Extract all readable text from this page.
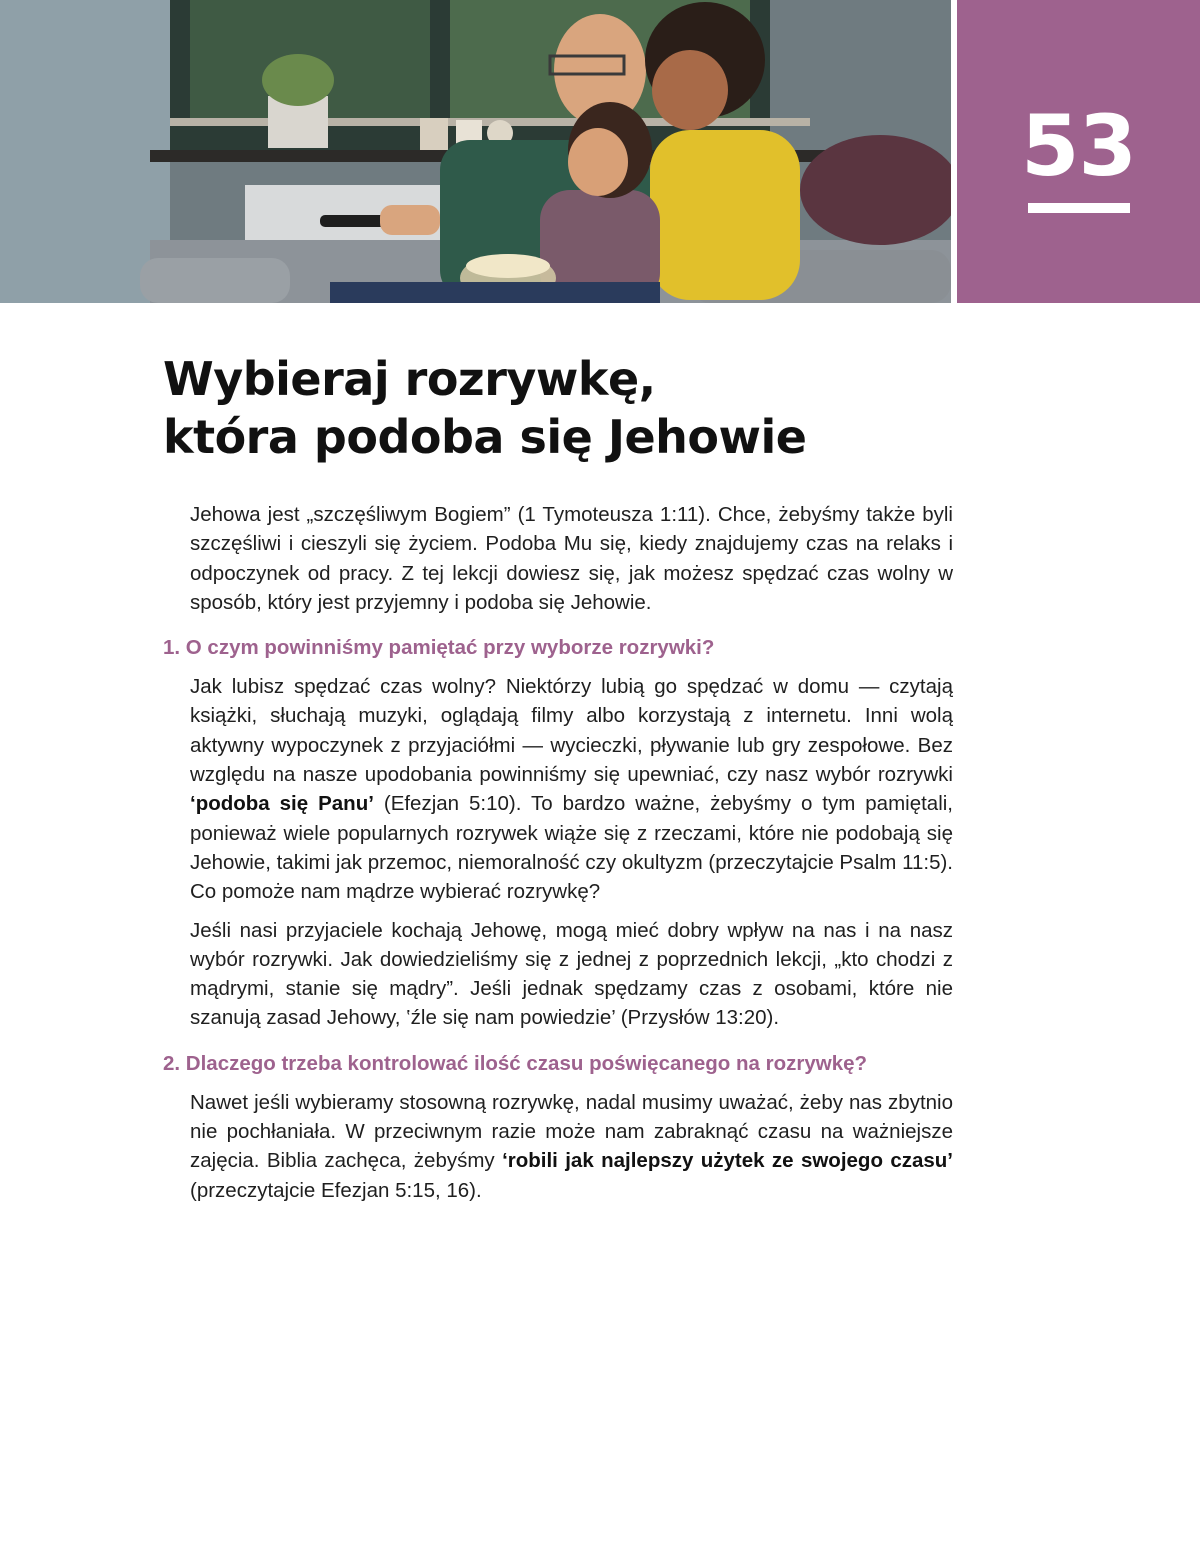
53
Wybieraj rozrywkę,
która podoba się Jehowie

Jehowa jest „szczęśliwym Bogiem” (1 Tymoteusza 1:11). Chce, żebyśmy także byli szczęśliwi i cieszyli się życiem. Podoba Mu się, kiedy znajdujemy czas na relaks i odpoczynek od pracy. Z tej lekcji dowiesz się, jak możesz spędzać czas wolny w sposób, który jest przyjemny i podoba się Jehowie.

1. O czym powinniśmy pamiętać przy wyborze rozrywki?

Jak lubisz spędzać czas wolny? Niektórzy lubią go spędzać w domu — czytają książki, słuchają muzyki, oglądają filmy albo korzystają z internetu. Inni wolą aktywny wypoczynek z przyjaciółmi — wycieczki, pływanie lub gry zespołowe. Bez względu na nasze upodobania powinniśmy się upewniać, czy nasz wybór rozrywki ‘podoba się Panu’ (Efezjan 5:10). To bardzo ważne, żebyśmy o tym pamiętali, ponieważ wiele popularnych rozrywek wiąże się z rzeczami, które nie podobają się Jehowie, takimi jak przemoc, niemoralność czy okultyzm (przeczytajcie Psalm 11:5). Co pomoże nam mądrze wybierać rozrywkę?

Jeśli nasi przyjaciele kochają Jehowę, mogą mieć dobry wpływ na nas i na nasz wybór rozrywki. Jak dowiedzieliśmy się z jednej z poprzednich lekcji, „kto chodzi z mądrymi, stanie się mądry”. Jeśli jednak spędzamy czas z osobami, które nie szanują zasad Jehowy, ‛źle się nam powiedzie’ (Przysłów 13:20).

2. Dlaczego trzeba kontrolować ilość czasu poświęcanego na rozrywkę?

Nawet jeśli wybieramy stosowną rozrywkę, nadal musimy uważać, żeby nas zbytnio nie pochłaniała. W przeciwnym razie może nam zabraknąć czasu na ważniejsze zajęcia. Biblia zachęca, żebyśmy ‘robili jak najlepszy użytek ze swojego czasu’ (przeczytajcie Efezjan 5:15, 16).
